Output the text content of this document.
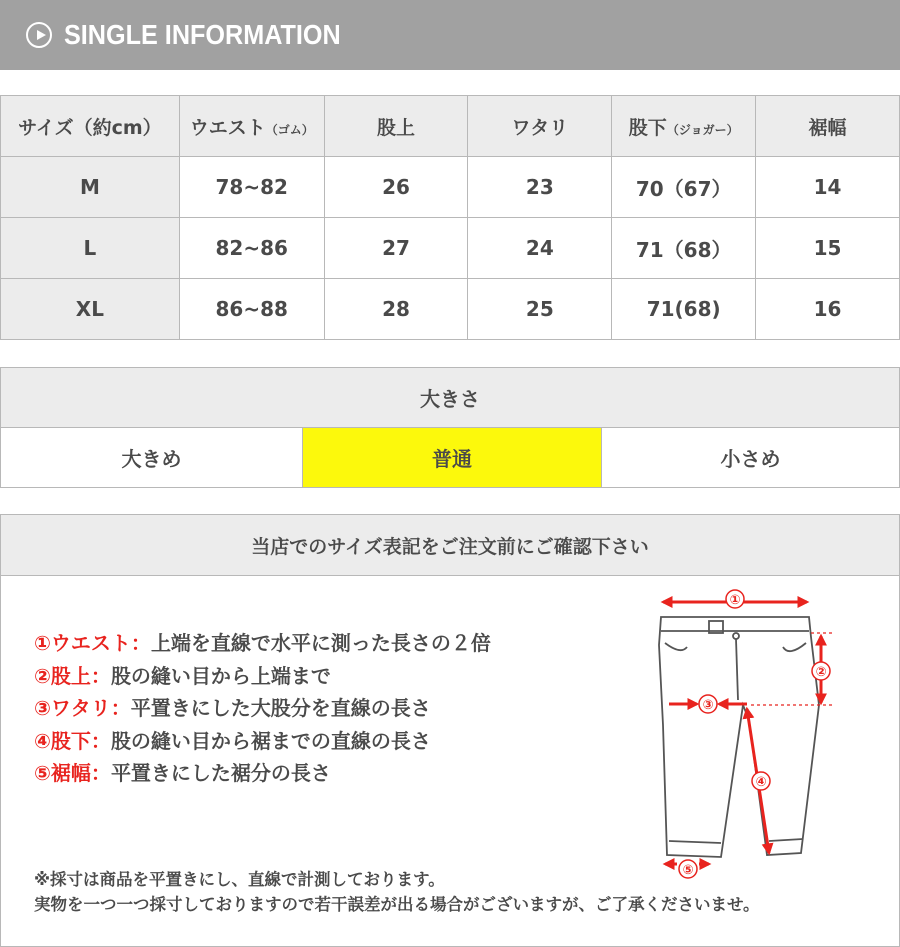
SINGLE INFORMATION
サイズ（約cm）	ウエスト（ゴム）	股上	ワタリ	股下（ジョガー）	裾幅
M	78~82	26	23	70（67）	14
L	82~86	27	24	71（68）	15
XL	86~88	28	25	71(68)	16
大きさ
大きめ	普通	小さめ
当店でのサイズ表記をご注文前にご確認下さい
①ウエスト：上端を直線で水平に測った長さの２倍
②股上：股の縫い目から上端まで
③ワタリ：平置きにした大股分を直線の長さ
④股下：股の縫い目から裾までの直線の長さ
⑤裾幅：平置きにした裾分の長さ
①
②
③
④
⑤
※採寸は商品を平置きにし、直線で計測しております。
実物を一つ一つ採寸しておりますので若干誤差が出る場合がございますが、ご了承くださいませ。
